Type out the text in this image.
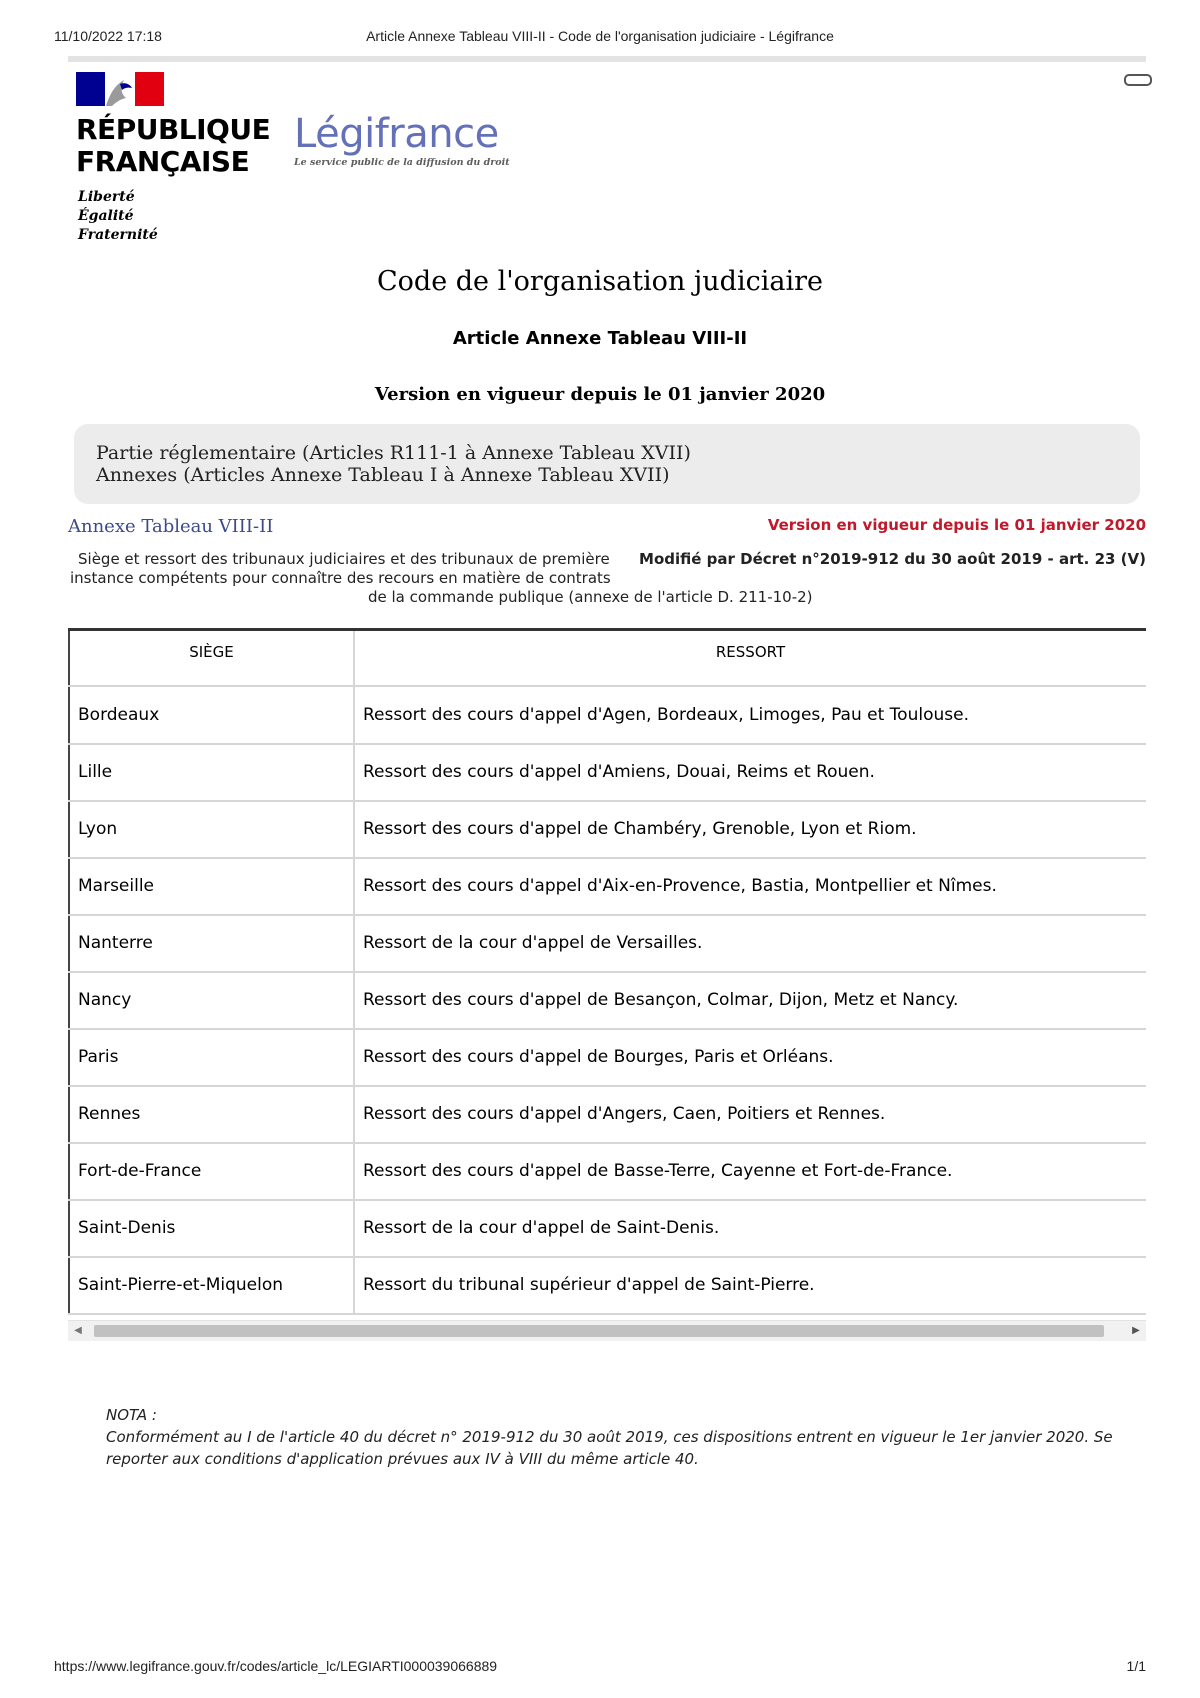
11/10/2022 17:18	Article Annexe Tableau VIII-II - Code de l'organisation judiciaire - Légifrance
RÉPUBLIQUE
FRANÇAISE
Liberté
Égalité
Fraternité
Légifrance
Le service public de la diffusion du droit
Code de l'organisation judiciaire
Article Annexe Tableau VIII-II
Version en vigueur depuis le 01 janvier 2020
Partie réglementaire (Articles R111-1 à Annexe Tableau XVII)
Annexes (Articles Annexe Tableau I à Annexe Tableau XVII)
Annexe Tableau VIII-II	Version en vigueur depuis le 01 janvier 2020
Siège et ressort des tribunaux judiciaires et des tribunaux de première
instance compétents pour connaître des recours en matière de contrats
de la commande publique (annexe de l'article D. 211-10-2)
Modifié par Décret n°2019-912 du 30 août 2019 - art. 23 (V)
SIÈGE	RESSORT
Bordeaux	Ressort des cours d'appel d'Agen, Bordeaux, Limoges, Pau et Toulouse.
Lille	Ressort des cours d'appel d'Amiens, Douai, Reims et Rouen.
Lyon	Ressort des cours d'appel de Chambéry, Grenoble, Lyon et Riom.
Marseille	Ressort des cours d'appel d'Aix-en-Provence, Bastia, Montpellier et Nîmes.
Nanterre	Ressort de la cour d'appel de Versailles.
Nancy	Ressort des cours d'appel de Besançon, Colmar, Dijon, Metz et Nancy.
Paris	Ressort des cours d'appel de Bourges, Paris et Orléans.
Rennes	Ressort des cours d'appel d'Angers, Caen, Poitiers et Rennes.
Fort-de-France	Ressort des cours d'appel de Basse-Terre, Cayenne et Fort-de-France.
Saint-Denis	Ressort de la cour d'appel de Saint-Denis.
Saint-Pierre-et-Miquelon	Ressort du tribunal supérieur d'appel de Saint-Pierre.
◀	▶
NOTA :
Conformément au I de l'article 40 du décret n° 2019-912 du 30 août 2019, ces dispositions entrent en vigueur le 1er janvier 2020. Se reporter aux conditions d'application prévues aux IV à VIII du même article 40.
https://www.legifrance.gouv.fr/codes/article_lc/LEGIARTI000039066889	1/1
